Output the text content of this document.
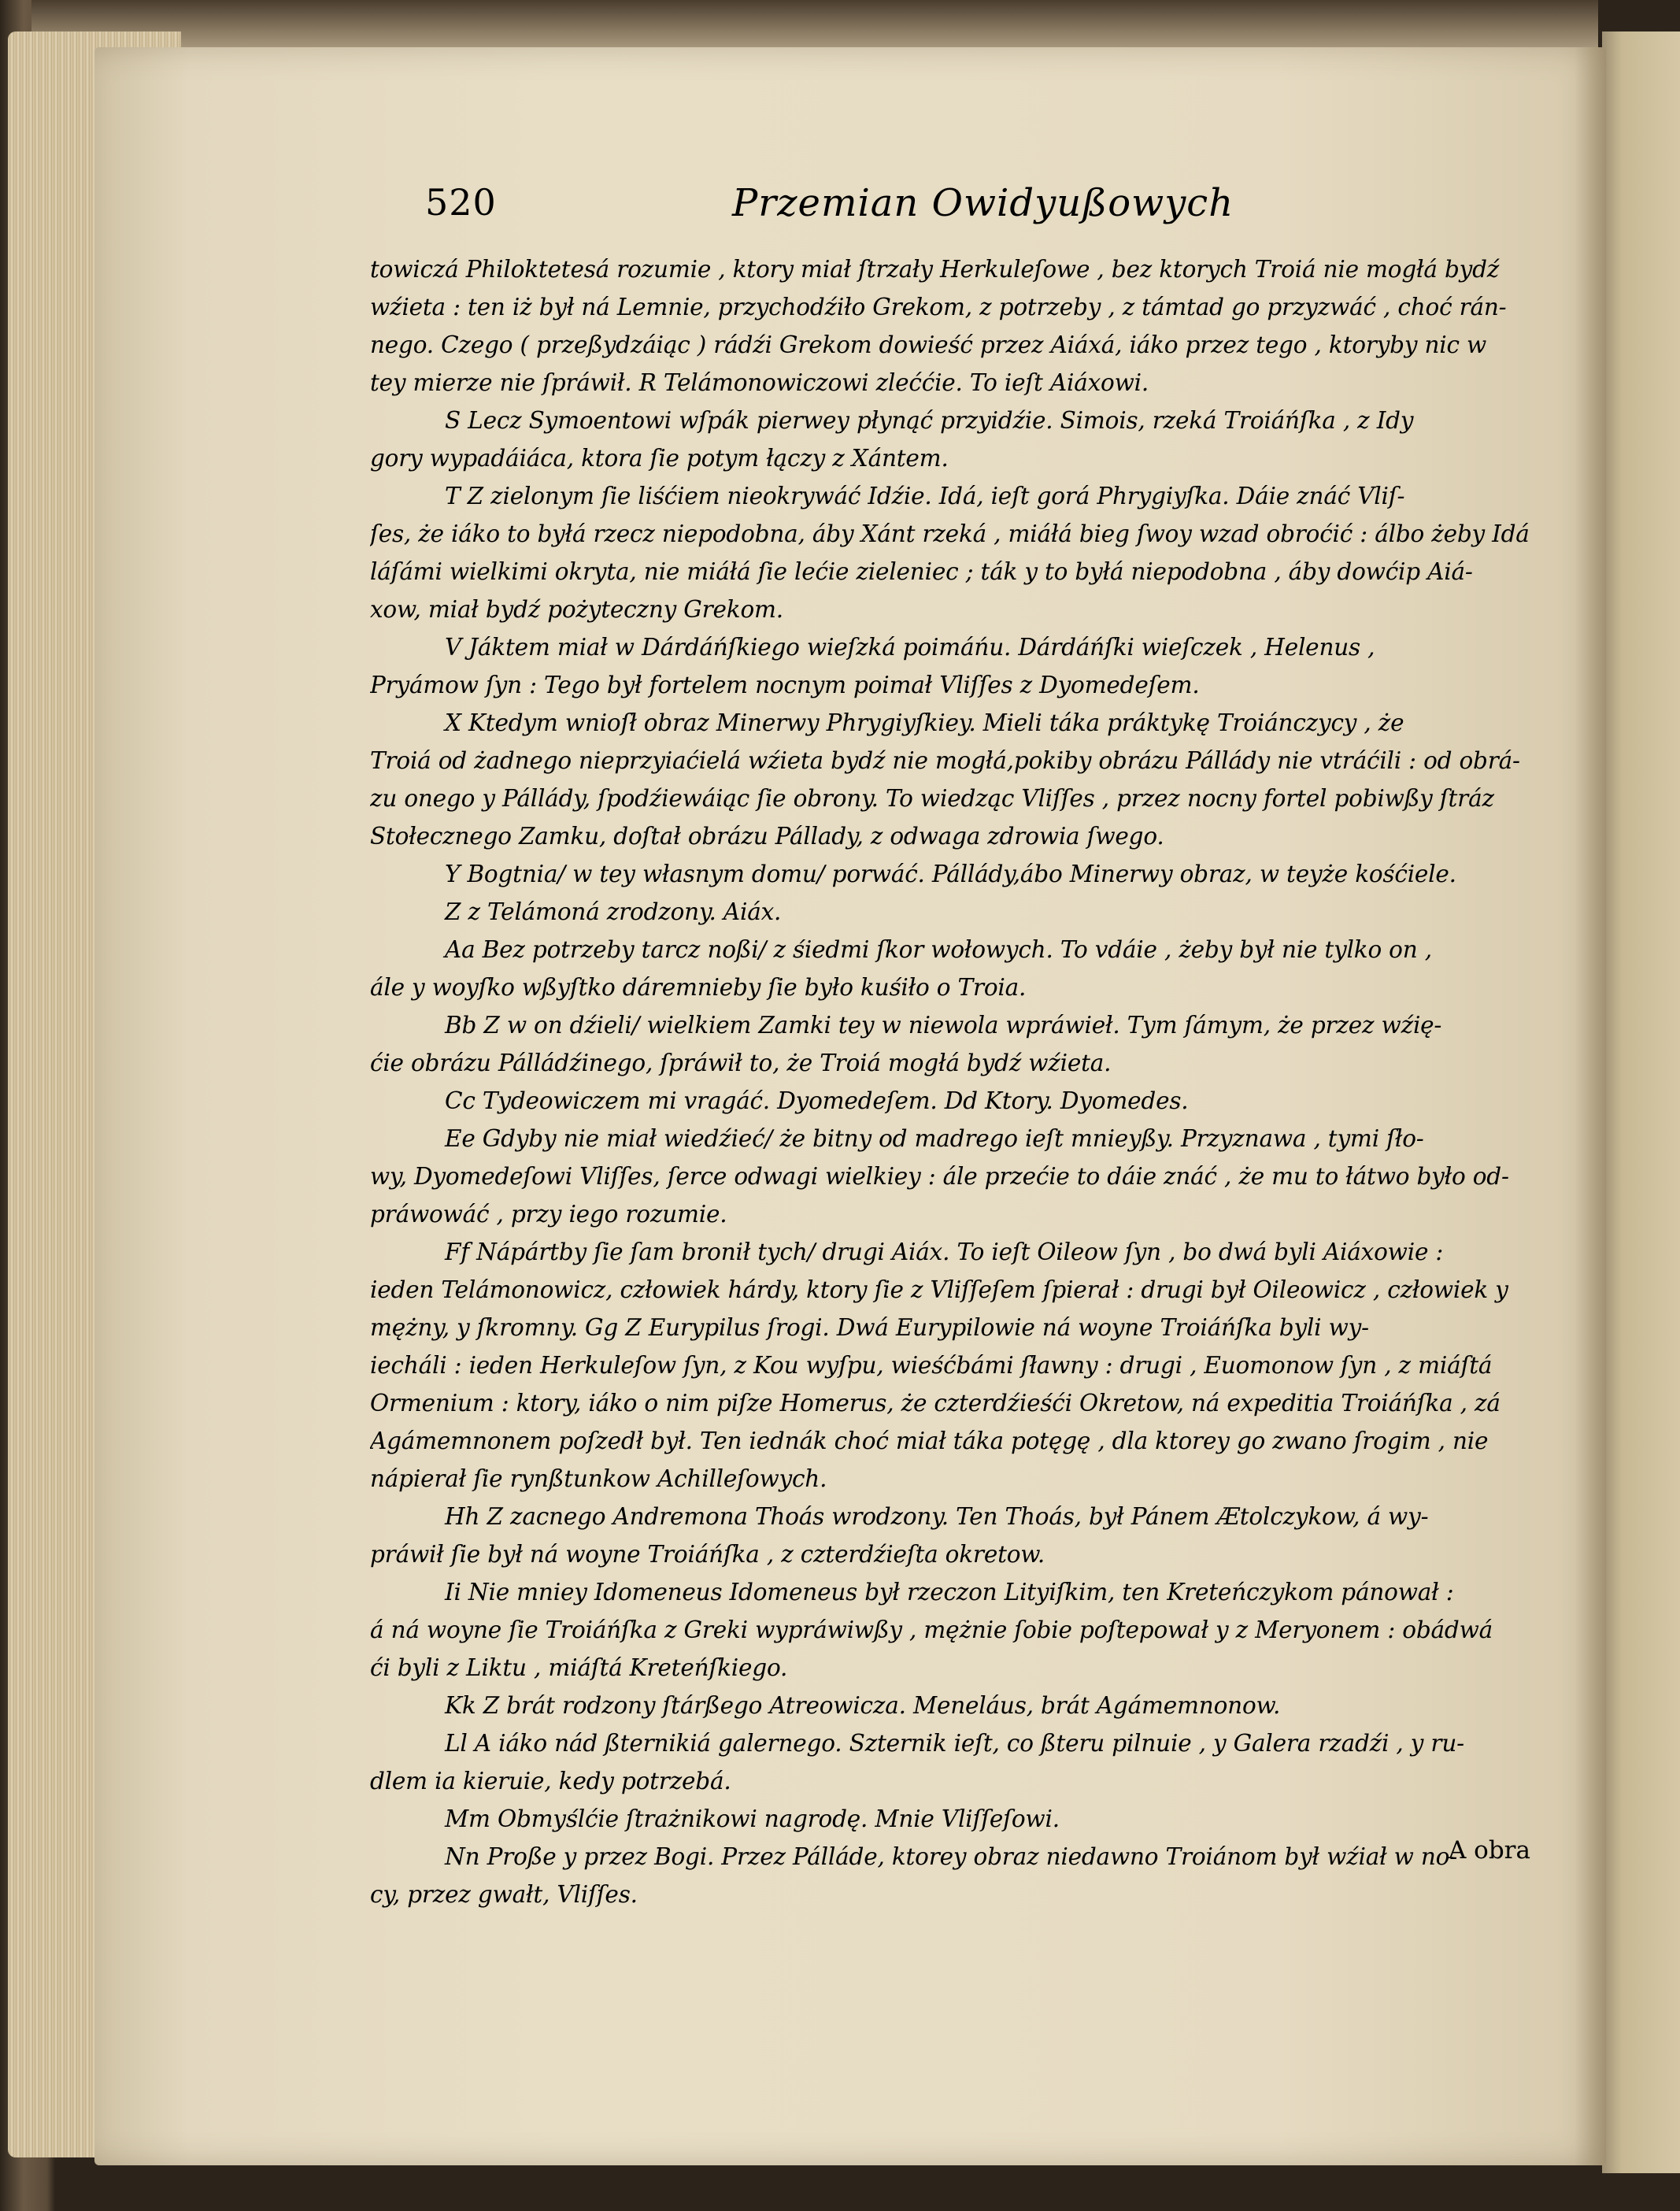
520	Przemian Owidyußowych
towiczá Philoktetesá rozumie , ktory miał ſtrzały Herkuleſowe , bez ktorych Troiá nie mogłá bydź
wźieta : ten iż był ná Lemnie, przychodźiło Grekom, z potrzeby , z támtad go przyzwáć , choć rán-
nego. Czego ( przeßydzáiąc ) rádźi Grekom dowieść przez Aiáxá, iáko przez tego , ktoryby nic w
tey mierze nie ſpráwił. R Telámonowiczowi zleććie. To ieſt Aiáxowi.
S Lecz Symoentowi wſpák pierwey płynąć przyidźie. Simois, rzeká Troiáńſka , z Idy
gory wypadáiáca, ktora ſie potym łączy z Xántem.
T Z zielonym ſie liśćiem nieokrywáć Idźie. Idá, ieſt gorá Phrygiyſka. Dáie znáć Vliſ-
ſes, że iáko to byłá rzecz niepodobna, áby Xánt rzeká , miáłá bieg ſwoy wzad obroćić : álbo żeby Idá
láſámi wielkimi okryta, nie miáłá ſie lećie zieleniec ; ták y to byłá niepodobna , áby dowćip Aiá-
xow, miał bydź pożyteczny Grekom.
V Jáktem miał w Dárdáńſkiego wieſzká poimáńu. Dárdáńſki wieſczek , Helenus ,
Pryámow ſyn : Tego był fortelem nocnym poimał Vliſſes z Dyomedeſem.
X Ktedym wnioſł obraz Minerwy Phrygiyſkiey. Mieli táka práktykę Troiánczycy , że
Troiá od żadnego nieprzyiaćielá wźieta bydź nie mogłá,pokiby obrázu Pállády nie vtráćili : od obrá-
zu onego y Pállády, ſpodźiewáiąc ſie obrony. To wiedząc Vliſſes , przez nocny fortel pobiwßy ſtráz
Stołecznego Zamku, doſtał obrázu Pállady, z odwaga zdrowia ſwego.
Y Bogtnia/ w tey własnym domu/ porwáć. Pállády,ábo Minerwy obraz, w teyże kośćiele.
Z z Telámoná zrodzony. Aiáx.
Aa Bez potrzeby tarcz noßi/ z śiedmi ſkor wołowych. To vdáie , żeby był nie tylko on ,
ále y woyſko wßyſtko dáremnieby ſie było kuśiło o Troia.
Bb Z w on dźieli/ wielkiem Zamki tey w niewola wpráwieł. Tym ſámym, że przez wźię-
ćie obrázu Pálládźinego, ſpráwił to, że Troiá mogłá bydź wźieta.
Cc Tydeowiczem mi vragáć. Dyomedeſem. Dd Ktory. Dyomedes.
Ee Gdyby nie miał wiedźieć/ że bitny od madrego ieſt mnieyßy. Przyznawa , tymi ſło-
wy, Dyomedeſowi Vliſſes, ſerce odwagi wielkiey : ále przećie to dáie znáć , że mu to łátwo było od-
práwowáć , przy iego rozumie.
Ff Nápártby ſie ſam bronił tych/ drugi Aiáx. To ieſt Oileow ſyn , bo dwá byli Aiáxowie :
ieden Telámonowicz, człowiek hárdy, ktory ſie z Vliſſeſem ſpierał : drugi był Oileowicz , człowiek y
mężny, y ſkromny. Gg Z Eurypilus ſrogi. Dwá Eurypilowie ná woyne Troiáńſka byli wy-
iecháli : ieden Herkuleſow ſyn, z Kou wyſpu, wieśćbámi ſławny : drugi , Euomonow ſyn , z miáſtá
Ormenium : ktory, iáko o nim piſze Homerus, że czterdźieśći Okretow, ná expeditia Troiáńſka , zá
Agámemnonem poſzedł był. Ten iednák choć miał táka potęgę , dla ktorey go zwano ſrogim , nie
nápierał ſie rynßtunkow Achilleſowych.
Hh Z zacnego Andremona Thoás wrodzony. Ten Thoás, był Pánem Ætolczykow, á wy-
práwił ſie był ná woyne Troiáńſka , z czterdźieſta okretow.
Ii Nie mniey Idomeneus Idomeneus był rzeczon Lityiſkim, ten Kreteńczykom pánował :
á ná woyne ſie Troiáńſka z Greki wypráwiwßy , mężnie ſobie poſtepował y z Meryonem : obádwá
ći byli z Liktu , miáſtá Kreteńſkiego.
Kk Z brát rodzony ſtárßego Atreowicza. Meneláus, brát Agámemnonow.
Ll A iáko nád ßternikiá galernego. Szternik ieſt, co ßteru pilnuie , y Galera rzadźi , y ru-
dlem ia kieruie, kedy potrzebá.
Mm Obmyślćie ſtrażnikowi nagrodę. Mnie Vliſſeſowi.
Nn Proße y przez Bogi. Przez Pálláde, ktorey obraz niedawno Troiánom był wźiał w no-
cy, przez gwałt, Vliſſes.
A obra
